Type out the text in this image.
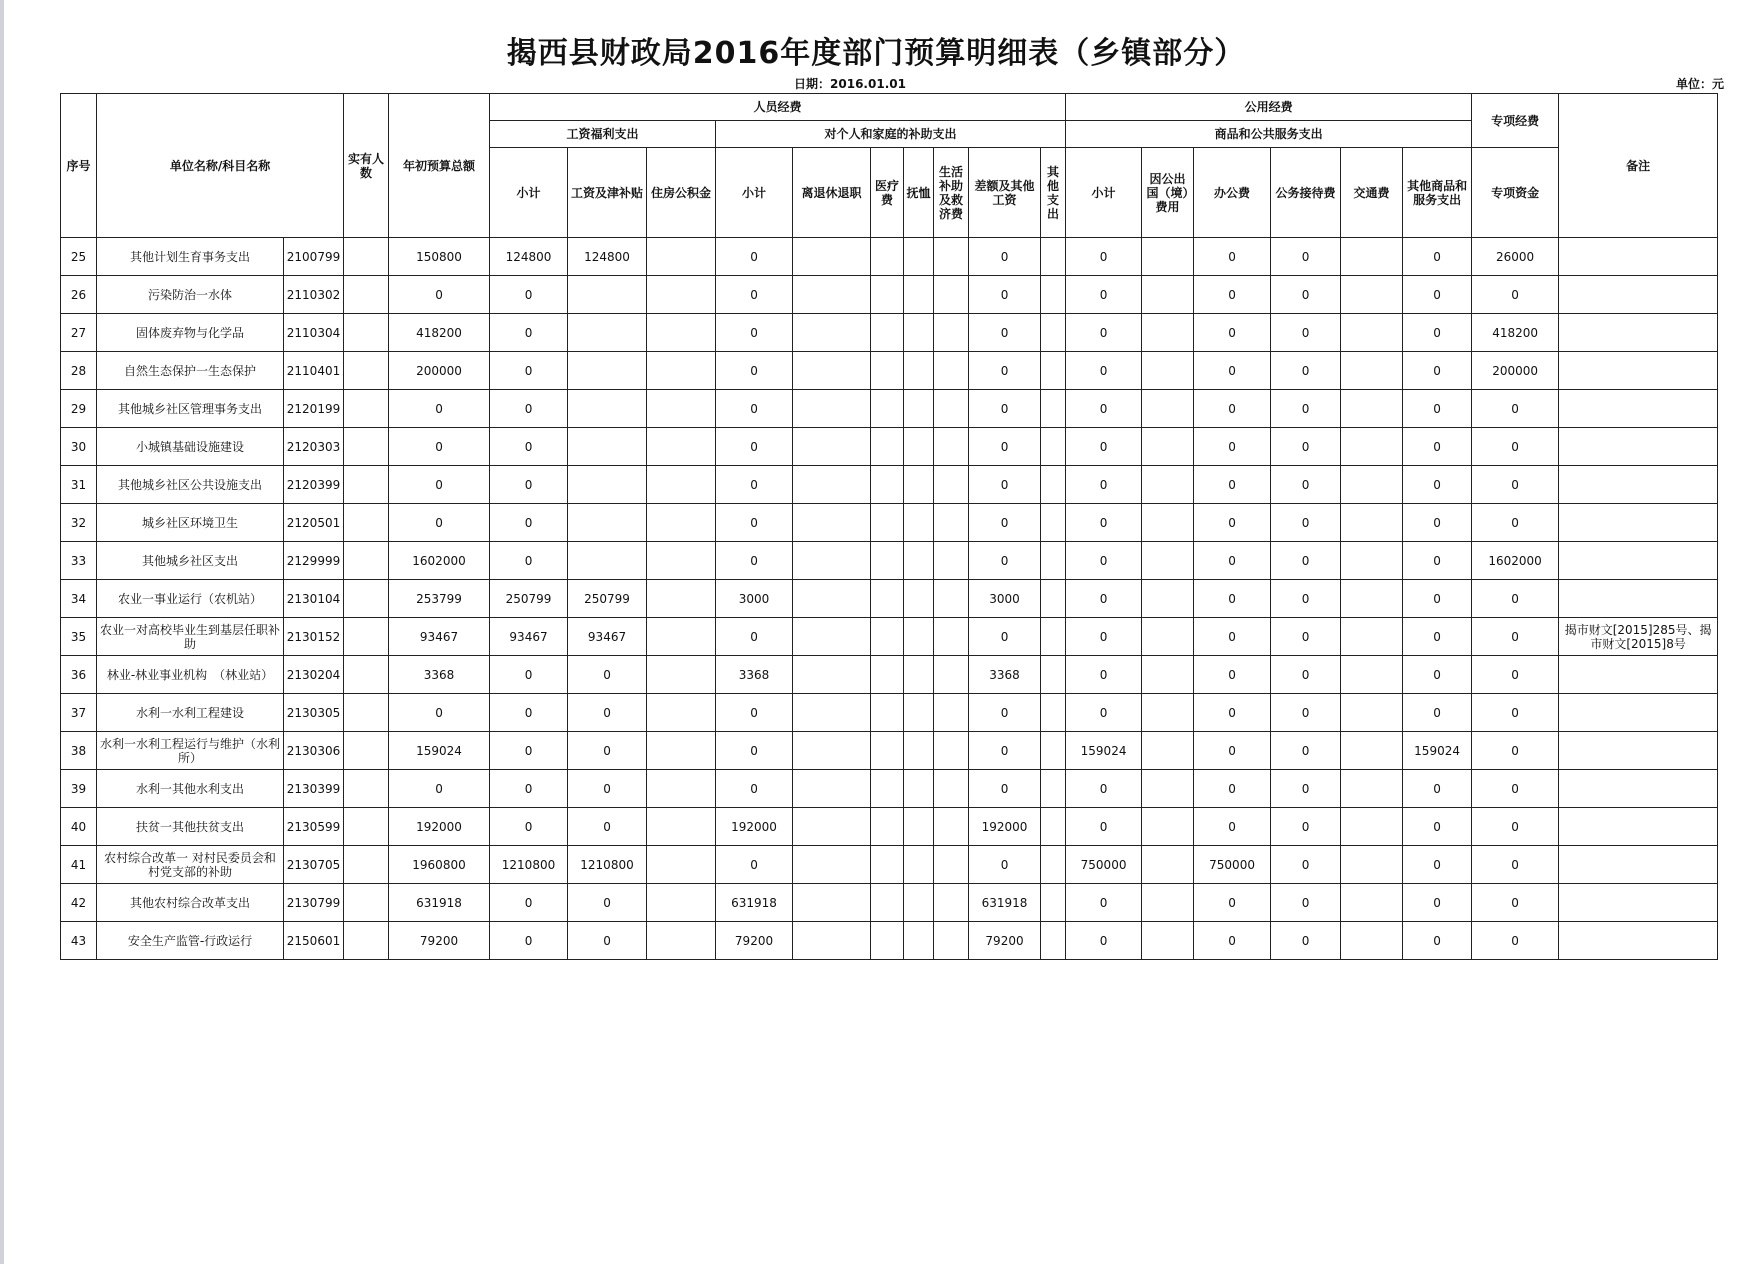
揭西县财政局2016年度部门预算明细表（乡镇部分）
日期：2016.01.01	单位：元
序号	单位名称/科目名称		实有人数	年初预算总额	人员经费										公用经费						专项经费	备注
					工资福利支出			对个人和家庭的补助支出							商品和公共服务支出							
					小计	工资及津补贴	住房公积金	小计	离退休退职	医疗费	抚恤	生活补助及救济费	差额及其他工资	其他支出	小计	因公出国（境）费用	办公费	公务接待费	交通费	其他商品和服务支出	专项资金	
25	其他计划生育事务支出	2100799		150800	124800	124800		0					0		0		0	0		0	26000	
26	污染防治一水体	2110302		0	0			0					0		0		0	0		0	0	
27	固体废弃物与化学品	2110304		418200	0			0					0		0		0	0		0	418200	
28	自然生态保护一生态保护	2110401		200000	0			0					0		0		0	0		0	200000	
29	其他城乡社区管理事务支出	2120199		0	0			0					0		0		0	0		0	0	
30	小城镇基础设施建设	2120303		0	0			0					0		0		0	0		0	0	
31	其他城乡社区公共设施支出	2120399		0	0			0					0		0		0	0		0	0	
32	城乡社区环境卫生	2120501		0	0			0					0		0		0	0		0	0	
33	其他城乡社区支出	2129999		1602000	0			0					0		0		0	0		0	1602000	
34	农业一事业运行（农机站）	2130104		253799	250799	250799		3000					3000		0		0	0		0	0	
35	农业一对高校毕业生到基层任职补助	2130152		93467	93467	93467		0					0		0		0	0		0	0	揭市财文[2015]285号、揭市财文[2015]8号
36	林业-林业事业机构　（林业站）	2130204		3368	0	0		3368					3368		0		0	0		0	0	
37	水利一水利工程建设	2130305		0	0	0		0					0		0		0	0		0	0	
38	水利一水利工程运行与维护（水利所）	2130306		159024	0	0		0					0		159024		0	0		159024	0	
39	水利一其他水利支出	2130399		0	0	0		0					0		0		0	0		0	0	
40	扶贫一其他扶贫支出	2130599		192000	0	0		192000					192000		0		0	0		0	0	
41	农村综合改革一 对村民委员会和村党支部的补助	2130705		1960800	1210800	1210800		0					0		750000		750000	0		0	0	
42	其他农村综合改革支出	2130799		631918	0	0		631918					631918		0		0	0		0	0	
43	安全生产监管-行政运行	2150601		79200	0	0		79200					79200		0		0	0		0	0	
